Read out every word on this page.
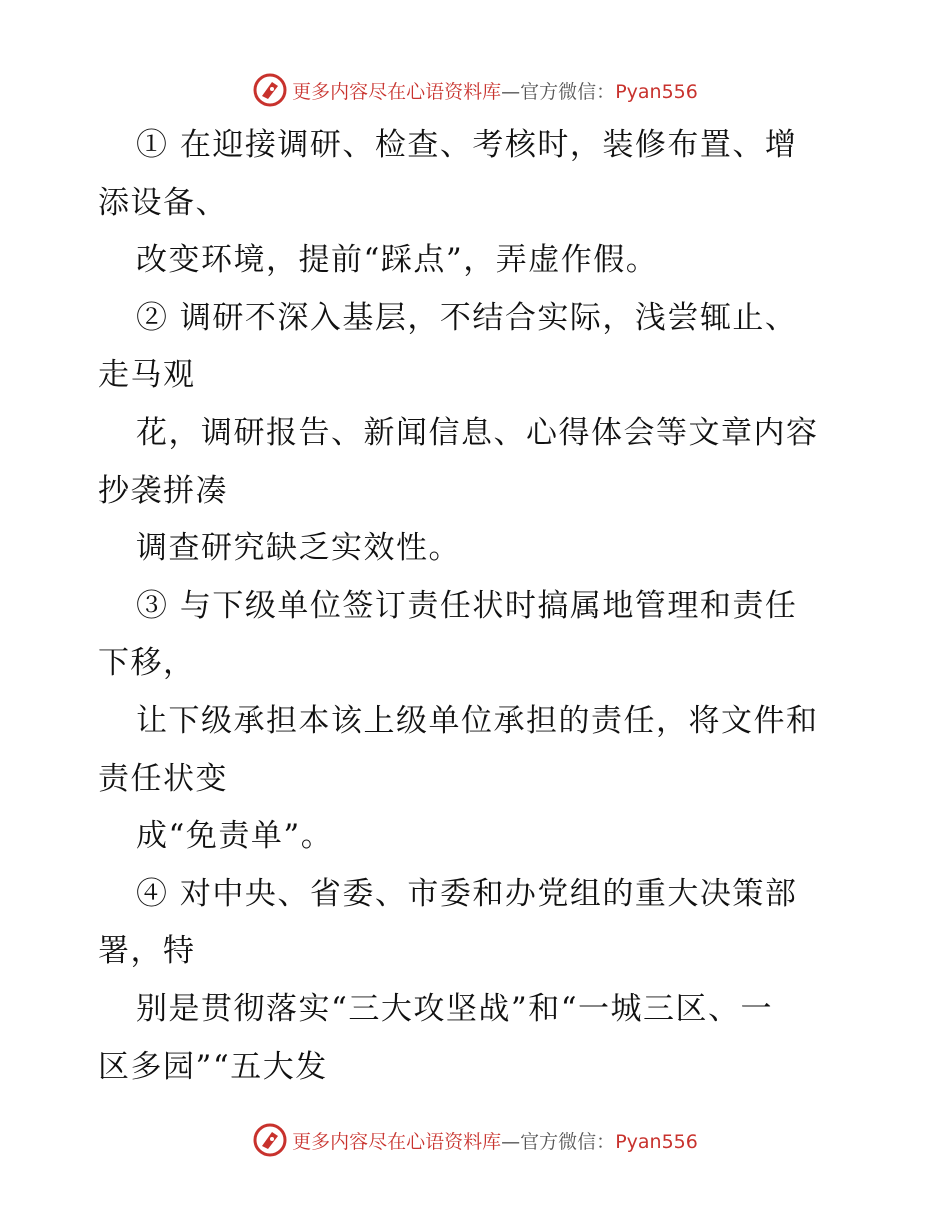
更多内容尽在心语资料库—官方微信：Pyan556
① 在迎接调研、检查、考核时，装修布置、增
添设备、
改变环境，提前“踩点”，弄虚作假。
② 调研不深入基层，不结合实际，浅尝辄止、
走马观
花，调研报告、新闻信息、心得体会等文章内容
抄袭拼凑
调查研究缺乏实效性。
③ 与下级单位签订责任状时搞属地管理和责任
下移，
让下级承担本该上级单位承担的责任，将文件和
责任状变
成“免责单”。
④ 对中央、省委、市委和办党组的重大决策部
署，特
别是贯彻落实“三大攻坚战”和“一城三区、一
区多园”“五大发
更多内容尽在心语资料库—官方微信：Pyan556
